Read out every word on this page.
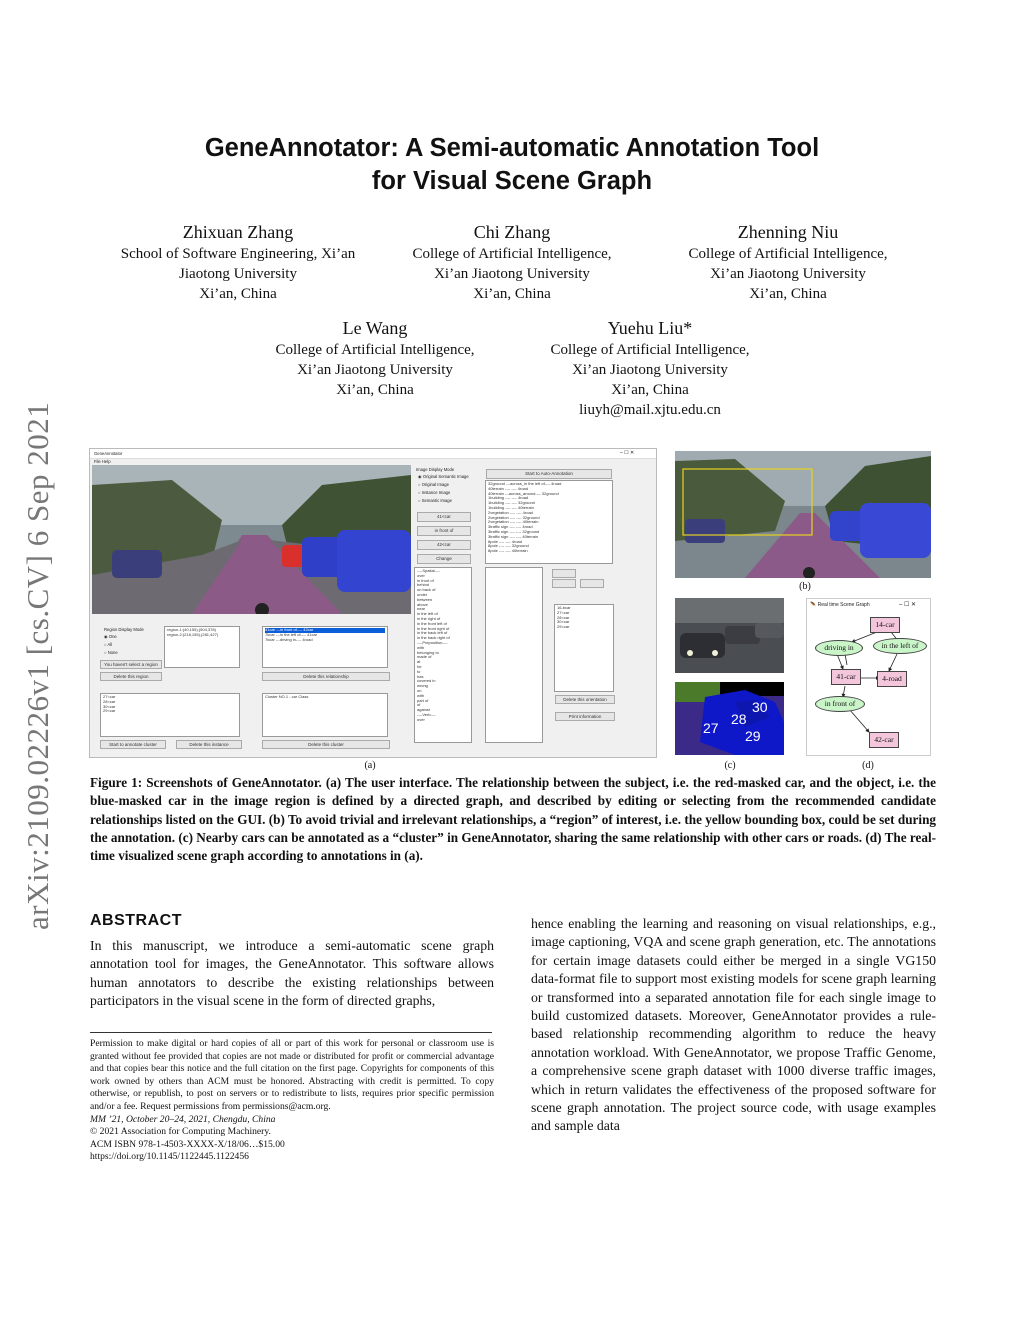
arXiv:2109.02226v1 [cs.CV] 6 Sep 2021
GeneAnnotator: A Semi-automatic Annotation Tool
for Visual Scene Graph
Zhixuan Zhang
School of Software Engineering, Xi’an
Jiaotong University
Xi’an, China
Chi Zhang
College of Artificial Intelligence,
Xi’an Jiaotong University
Xi’an, China
Zhenning Niu
College of Artificial Intelligence,
Xi’an Jiaotong University
Xi’an, China
Le Wang
College of Artificial Intelligence,
Xi’an Jiaotong University
Xi’an, China
Yuehu Liu*
College of Artificial Intelligence,
Xi’an Jiaotong University
Xi’an, China
liuyh@mail.xjtu.edu.cn
GeneAnnotator	– ☐ ✕
File Help
Image Display Mode
◉ Original Semantic Image
○ Original Image
○ Instance Image
○ Semantic Image
41<car
in front of
42<car
Change
Start to Auto-Annotation
32ground ---across_in the left of---- 4road
40terrain ---- ---- 4road
40terrain ---across_around---- 32ground
1building ---- ---- 4road
1building ---- ---- 32ground
1building ---- ---- 40terrain
2vegetation ---- ---- 4road
2vegetation ---- ---- 32ground
2vegetation ---- ---- 40terrain
3traffic sign ---- ---- 4road
3traffic sign ---- ---- 32ground
3traffic sign ---- ---- 40terrain
8pole ---- ---- 4road
8pole ---- ---- 32ground
8pole ---- ---- 40terrain
----Spatial----
over
in front of
behind
on back of
under
between
above
near
in the left of
in the right of
in the front left of
in the front right of
in the back left of
in the back right of
----Preposition----
with
belonging to
made of
at
for
to
has
covered in
wrong
on
with
part of
of
against
----Verb----
over
16-bcar
27<car
28<car
30<car
29<car
Delete this orientation
Print information
Region Display Mode
◉ One
○ All
○ None
You haven't select a region
Delete this region
region-1:(40,155),(504,378)
region-2:(218,155),(281,427)
41car ---in front of---- 42car
7kcar ---in the left of---- 41car
7kcar ---driving in---- 4road
Delete this relationship
27<car
28<car
30<car
29<car
Cluster NO.1 - car Class
Start to annotate cluster	Delete this instance	Delete this cluster
(a)
(b)
27
28
29
30
(c)
🪶 Real time Scene Graph	– ☐ ✕
14-car
driving in	in the left of
41-car	4-road
in front of
42-car
(d)
Figure 1: Screenshots of GeneAnnotator. (a) The user interface. The relationship between the subject, i.e. the red-masked car, and the object, i.e. the blue-masked car in the image region is defined by a directed graph, and described by editing or selecting from the recommended candidate relationships listed on the GUI. (b) To avoid trivial and irrelevant relationships, a “region” of interest, i.e. the yellow bounding box, could be set during the annotation. (c) Nearby cars can be annotated as a “cluster” in GeneAnnotator, sharing the same relationship with other cars or roads. (d) The real-time visualized scene graph according to annotations in (a).
ABSTRACT
In this manuscript, we introduce a semi-automatic scene graph annotation tool for images, the GeneAnnotator. This software allows human annotators to describe the existing relationships between participators in the visual scene in the form of directed graphs,
hence enabling the learning and reasoning on visual relationships, e.g., image captioning, VQA and scene graph generation, etc. The annotations for certain image datasets could either be merged in a single VG150 data-format file to support most existing models for scene graph learning or transformed into a separated annotation file for each single image to build customized datasets. Moreover, GeneAnnotator provides a rule-based relationship recommending algorithm to reduce the heavy annotation workload. With GeneAnnotator, we propose Traffic Genome, a comprehensive scene graph dataset with 1000 diverse traffic images, which in return validates the effectiveness of the proposed software for scene graph annotation. The project source code, with usage examples and sample data
Permission to make digital or hard copies of all or part of this work for personal or classroom use is granted without fee provided that copies are not made or distributed for profit or commercial advantage and that copies bear this notice and the full citation on the first page. Copyrights for components of this work owned by others than ACM must be honored. Abstracting with credit is permitted. To copy otherwise, or republish, to post on servers or to redistribute to lists, requires prior specific permission and/or a fee. Request permissions from permissions@acm.org.
MM ’21, October 20–24, 2021, Chengdu, China
© 2021 Association for Computing Machinery.
ACM ISBN 978-1-4503-XXXX-X/18/06…$15.00
https://doi.org/10.1145/1122445.1122456
